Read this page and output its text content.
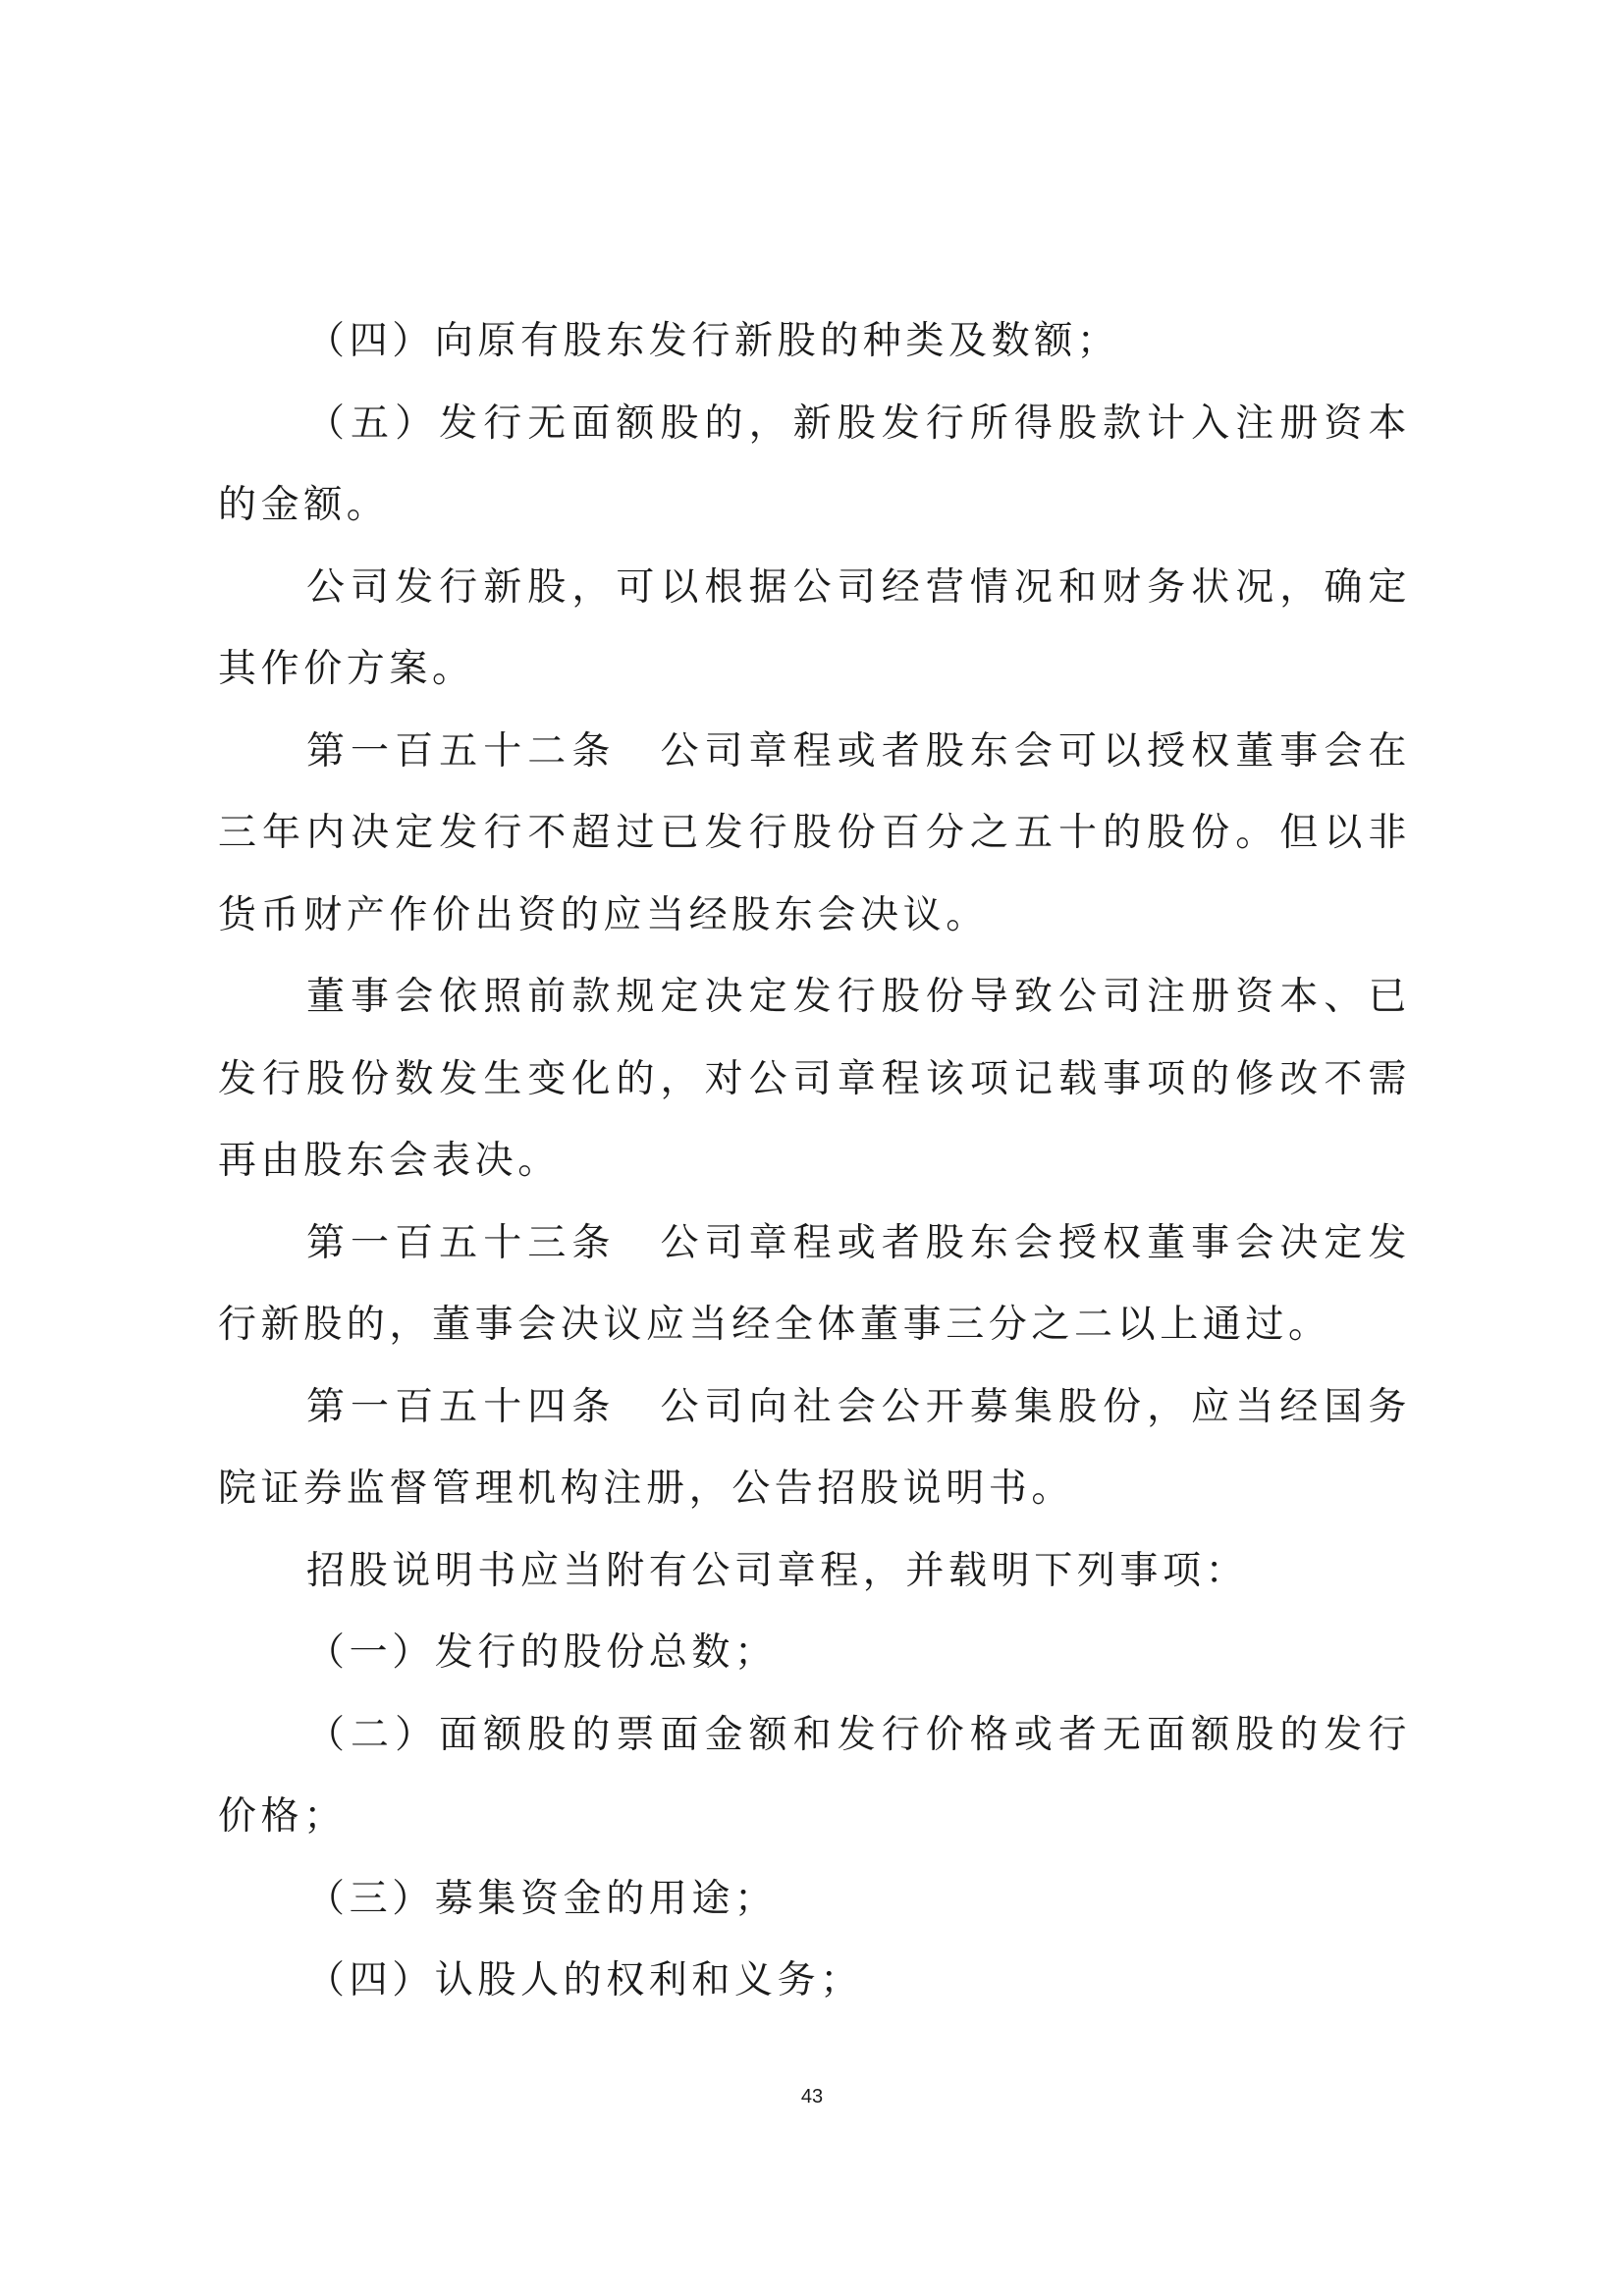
（四）向原有股东发行新股的种类及数额；

（五）发行无面额股的，新股发行所得股款计入注册资本的金额。

公司发行新股，可以根据公司经营情况和财务状况，确定其作价方案。

第一百五十二条　公司章程或者股东会可以授权董事会在三年内决定发行不超过已发行股份百分之五十的股份。但以非货币财产作价出资的应当经股东会决议。

董事会依照前款规定决定发行股份导致公司注册资本、已发行股份数发生变化的，对公司章程该项记载事项的修改不需再由股东会表决。

第一百五十三条　公司章程或者股东会授权董事会决定发行新股的，董事会决议应当经全体董事三分之二以上通过。

第一百五十四条　公司向社会公开募集股份，应当经国务院证券监督管理机构注册，公告招股说明书。

招股说明书应当附有公司章程，并载明下列事项：

（一）发行的股份总数；

（二）面额股的票面金额和发行价格或者无面额股的发行价格；

（三）募集资金的用途；

（四）认股人的权利和义务；

43
